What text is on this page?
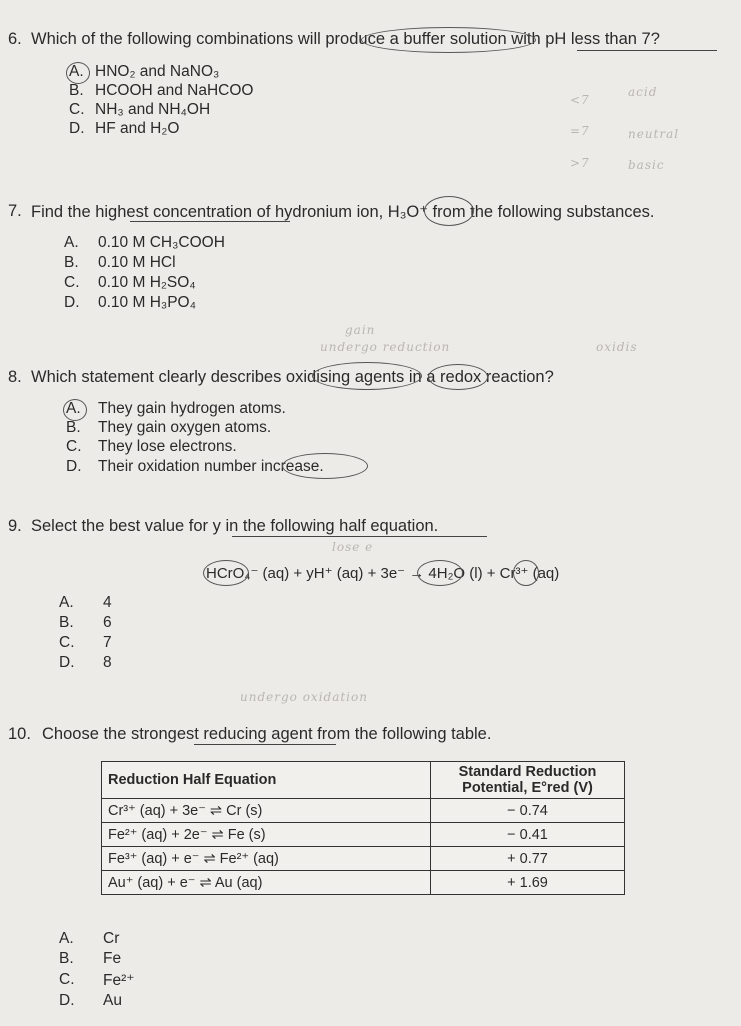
6. Which of the following combinations will produce a buffer solution with pH less than 7?
A. HNO₂ and NaNO₃
B. HCOOH and NaHCOO
C. NH₃ and NH₄OH
D. HF and H₂O
<7
acid
=7	neutral
>7	basic
7. Find the highest concentration of hydronium ion, H₃O⁺ from the following substances.
A. 0.10 M CH₃COOH
B. 0.10 M HCl
C. 0.10 M H₂SO₄
D. 0.10 M H₃PO₄
gain
undergo reduction	oxidis
8. Which statement clearly describes oxidising agents in a redox reaction?
A. They gain hydrogen atoms.
B. They gain oxygen atoms.
C. They lose electrons.
D. Their oxidation number increase.
9. Select the best value for y in the following half equation.
lose e
HCrO₄⁻ (aq) + yH⁺ (aq) + 3e⁻ → 4H₂O (l) + Cr³⁺ (aq)
A. 4
B. 6
C. 7
D. 8
undergo oxidation
10. Choose the strongest reducing agent from the following table.
Reduction Half Equation	Standard Reduction Potential, E°red (V)
Cr³⁺ (aq) + 3e⁻ ⇌ Cr (s)	− 0.74
Fe²⁺ (aq) + 2e⁻ ⇌ Fe (s)	− 0.41
Fe³⁺ (aq) + e⁻ ⇌ Fe²⁺ (aq)	+ 0.77
Au⁺ (aq) + e⁻ ⇌ Au (aq)	+ 1.69
A. Cr
B. Fe
C. Fe²⁺
D. Au
